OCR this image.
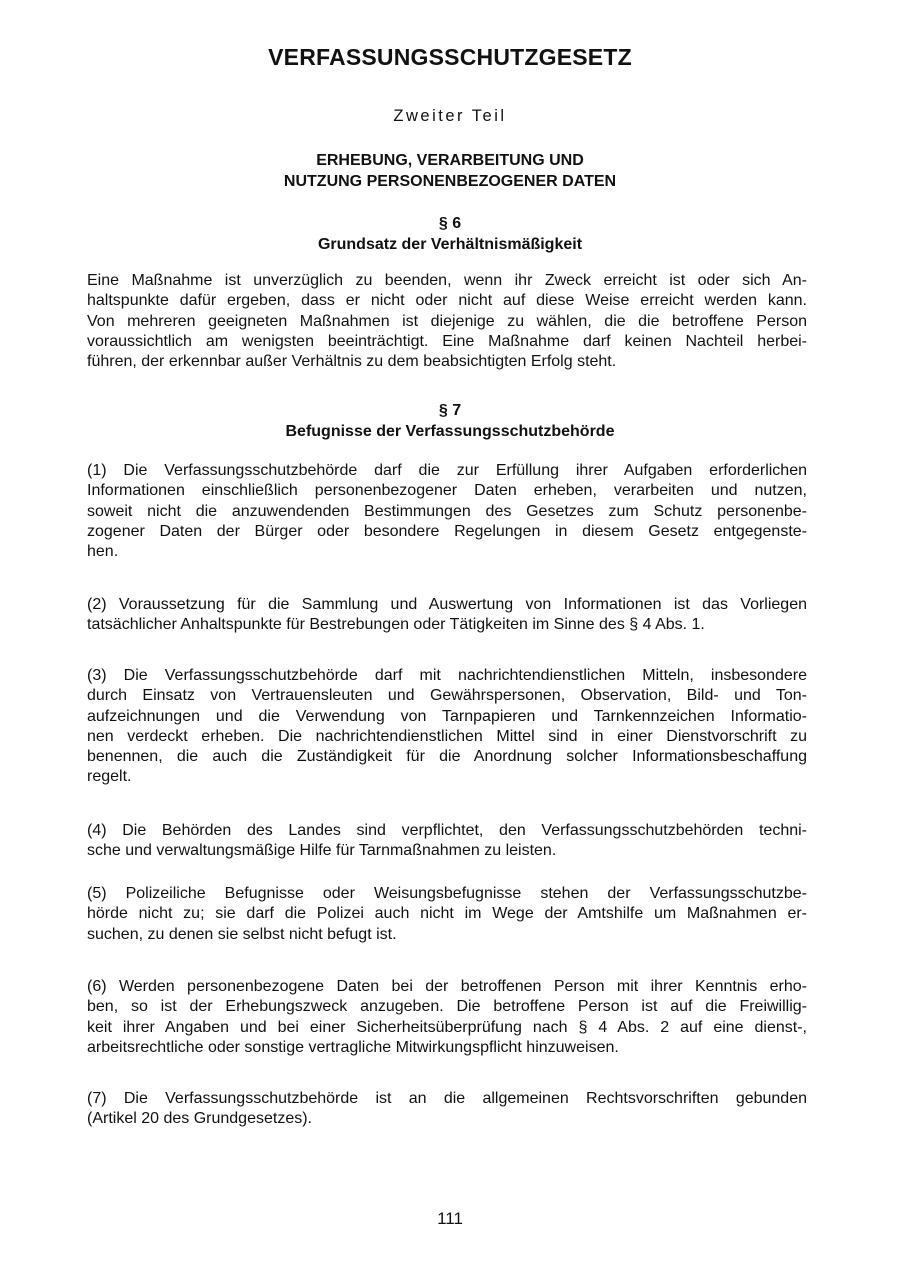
VERFASSUNGSSCHUTZGESETZ

Zweiter Teil

ERHEBUNG, VERARBEITUNG UND
NUTZUNG PERSONENBEZOGENER DATEN
§ 6
Grundsatz der Verhältnismäßigkeit
Eine Maßnahme ist unverzüglich zu beenden, wenn ihr Zweck erreicht ist oder sich An-
haltspunkte dafür ergeben, dass er nicht oder nicht auf diese Weise erreicht werden kann.
Von mehreren geeigneten Maßnahmen ist diejenige zu wählen, die die betroffene Person
voraussichtlich am wenigsten beeinträchtigt. Eine Maßnahme darf keinen Nachteil herbei-
führen, der erkennbar außer Verhältnis zu dem beabsichtigten Erfolg steht.
§ 7
Befugnisse der Verfassungsschutzbehörde
(1) Die Verfassungsschutzbehörde darf die zur Erfüllung ihrer Aufgaben erforderlichen
Informationen einschließlich personenbezogener Daten erheben, verarbeiten und nutzen,
soweit nicht die anzuwendenden Bestimmungen des Gesetzes zum Schutz personenbe-
zogener Daten der Bürger oder besondere Regelungen in diesem Gesetz entgegenste-
hen.
(2) Voraussetzung für die Sammlung und Auswertung von Informationen ist das Vorliegen
tatsächlicher Anhaltspunkte für Bestrebungen oder Tätigkeiten im Sinne des § 4 Abs. 1.
(3) Die Verfassungsschutzbehörde darf mit nachrichtendienstlichen Mitteln, insbesondere
durch Einsatz von Vertrauensleuten und Gewährspersonen, Observation, Bild- und Ton-
aufzeichnungen und die Verwendung von Tarnpapieren und Tarnkennzeichen Informatio-
nen verdeckt erheben. Die nachrichtendienstlichen Mittel sind in einer Dienstvorschrift zu
benennen, die auch die Zuständigkeit für die Anordnung solcher Informationsbeschaffung
regelt.
(4) Die Behörden des Landes sind verpflichtet, den Verfassungsschutzbehörden techni-
sche und verwaltungsmäßige Hilfe für Tarnmaßnahmen zu leisten.
(5) Polizeiliche Befugnisse oder Weisungsbefugnisse stehen der Verfassungsschutzbe-
hörde nicht zu; sie darf die Polizei auch nicht im Wege der Amtshilfe um Maßnahmen er-
suchen, zu denen sie selbst nicht befugt ist.
(6) Werden personenbezogene Daten bei der betroffenen Person mit ihrer Kenntnis erho-
ben, so ist der Erhebungszweck anzugeben. Die betroffene Person ist auf die Freiwillig-
keit ihrer Angaben und bei einer Sicherheitsüberprüfung nach § 4 Abs. 2 auf eine dienst-,
arbeitsrechtliche oder sonstige vertragliche Mitwirkungspflicht hinzuweisen.
(7) Die Verfassungsschutzbehörde ist an die allgemeinen Rechtsvorschriften gebunden
(Artikel 20 des Grundgesetzes).

111
